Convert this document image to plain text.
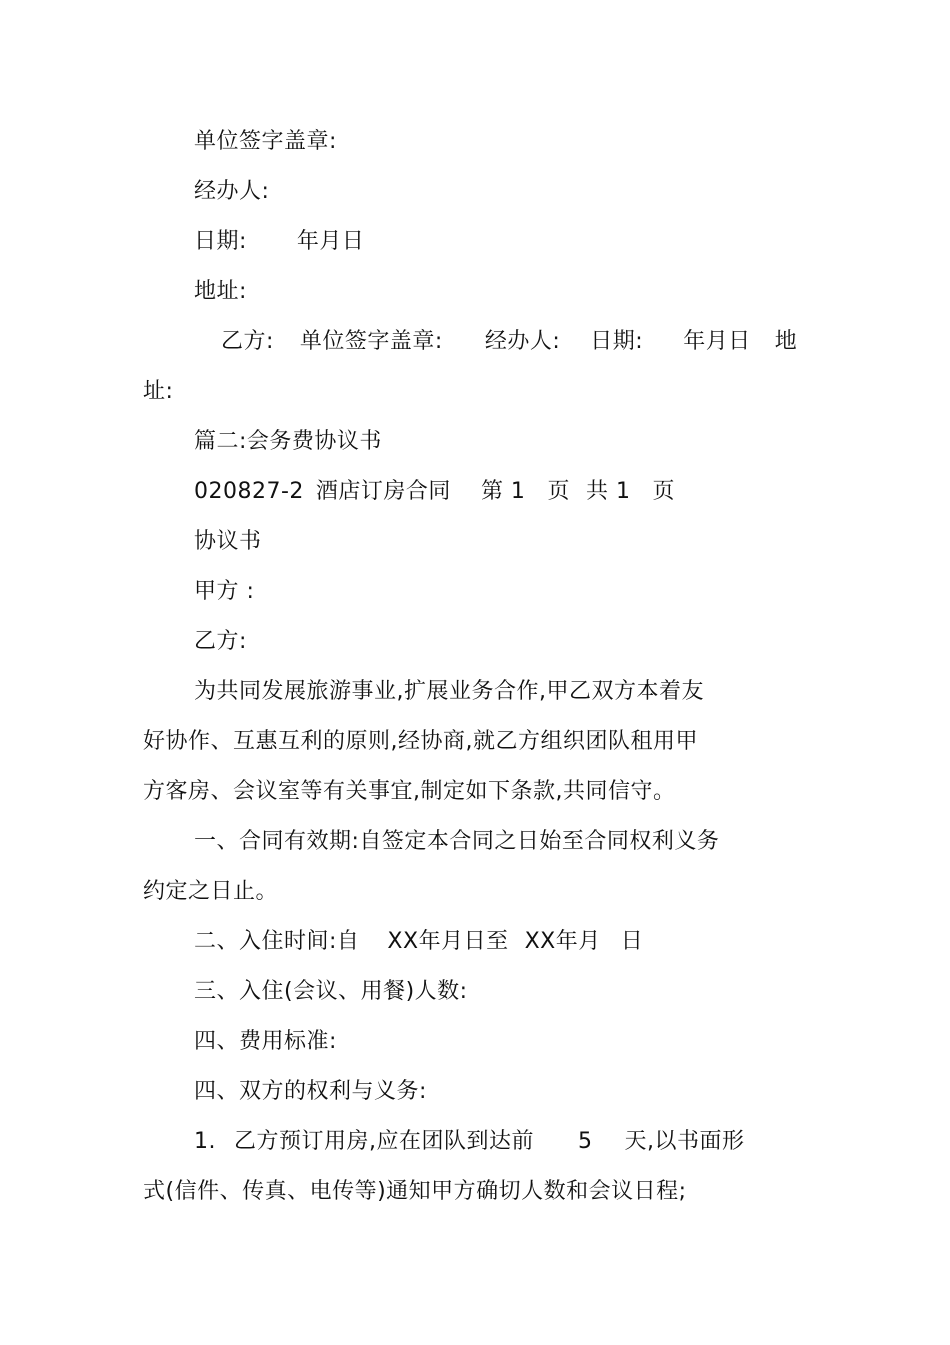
单位签字盖章:
经办人:
日期: 年月日
地址:
乙方: 单位签字盖章: 经办人: 日期: 年月日 地
址:
篇二:会务费协议书
020827-2 酒店订房合同 第 1 页 共 1 页
协议书
甲方 :
乙方:
为共同发展旅游事业,扩展业务合作,甲乙双方本着友
好协作、互惠互利的原则,经协商,就乙方组织团队租用甲
方客房、会议室等有关事宜,制定如下条款,共同信守。
一、合同有效期:自签定本合同之日始至合同权利义务
约定之日止。
二、入住时间:自 XX年月日至 XX年月 日
三、入住(会议、用餐)人数:
四、费用标准:
四、双方的权利与义务:
1. 乙方预订用房,应在团队到达前 5 天,以书面形
式(信件、传真、电传等)通知甲方确切人数和会议日程;
